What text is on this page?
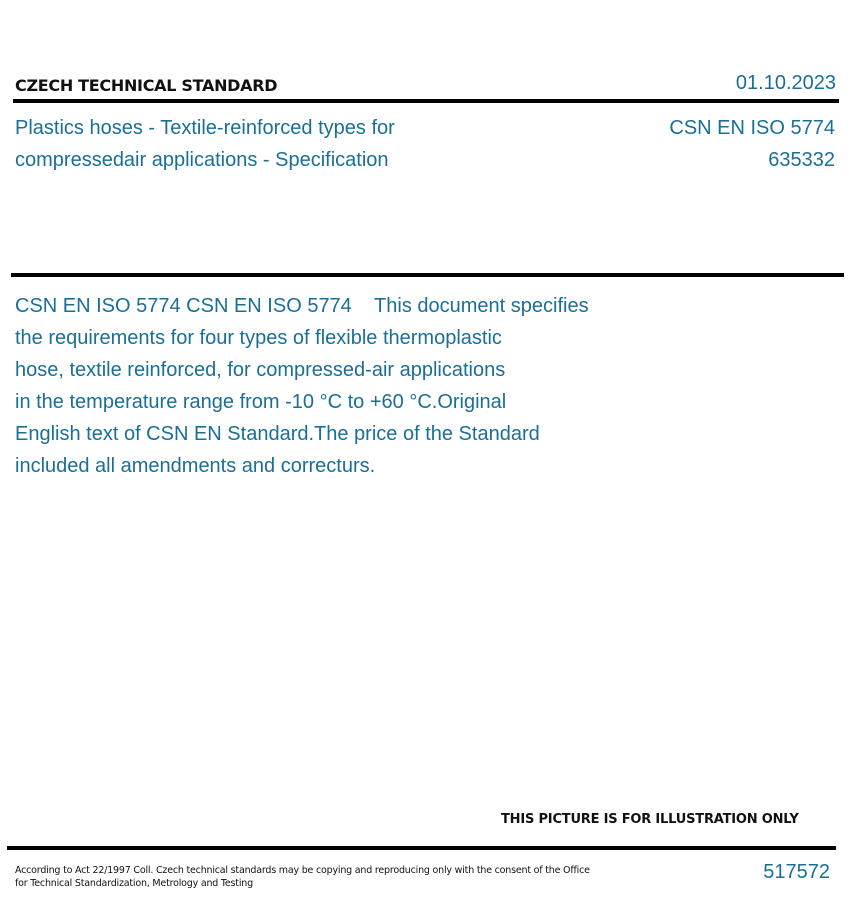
CZECH TECHNICAL STANDARD	01.10.2023
Plastics hoses - Textile-reinforced types for
compressedair applications - Specification
CSN EN ISO 5774
635332
CSN EN ISO 5774 CSN EN ISO 5774    This document specifies
the requirements for four types of flexible thermoplastic
hose, textile reinforced, for compressed-air applications
in the temperature range from -10 °C to +60 °C.Original
English text of CSN EN Standard.The price of the Standard
included all amendments and correcturs.
THIS PICTURE IS FOR ILLUSTRATION ONLY
According to Act 22/1997 Coll. Czech technical standards may be copying and reproducing only with the consent of the Office
for Technical Standardization, Metrology and Testing
517572
